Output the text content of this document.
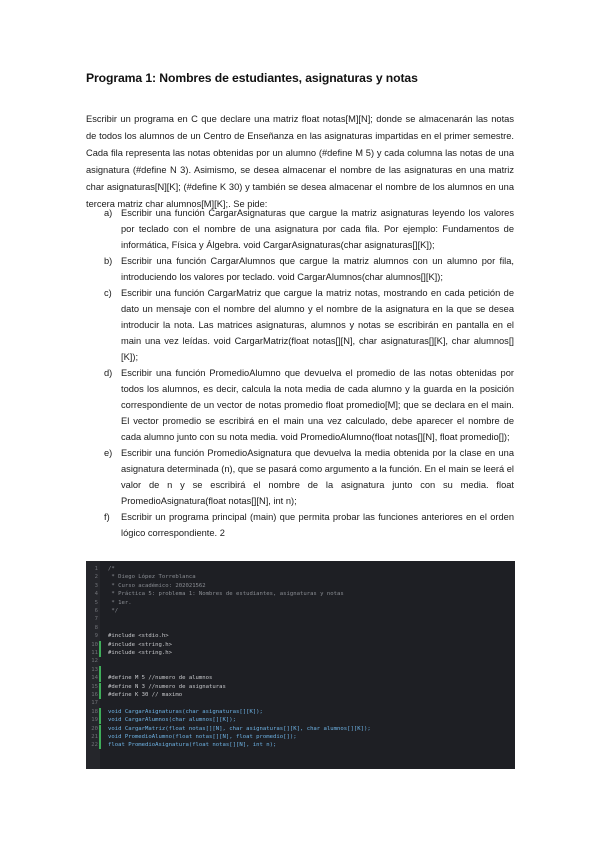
Programa 1: Nombres de estudiantes, asignaturas y notas
Escribir un programa en C que declare una matriz float notas[M][N]; donde se almacenarán las notas de todos los alumnos de un Centro de Enseñanza en las asignaturas impartidas en el primer semestre. Cada fila representa las notas obtenidas por un alumno (#define M 5) y cada columna las notas de una asignatura (#define N 3). Asimismo, se desea almacenar el nombre de las asignaturas en una matriz char asignaturas[N][K]; (#define K 30) y también se desea almacenar el nombre de los alumnos en una tercera matriz char alumnos[M][K];. Se pide:
a) Escribir una función CargarAsignaturas que cargue la matriz asignaturas leyendo los valores por teclado con el nombre de una asignatura por cada fila. Por ejemplo: Fundamentos de informática, Física y Álgebra. void CargarAsignaturas(char asignaturas[][K]);
b) Escribir una función CargarAlumnos que cargue la matriz alumnos con un alumno por fila, introduciendo los valores por teclado. void CargarAlumnos(char alumnos[][K]);
c) Escribir una función CargarMatriz que cargue la matriz notas, mostrando en cada petición de dato un mensaje con el nombre del alumno y el nombre de la asignatura en la que se desea introducir la nota. Las matrices asignaturas, alumnos y notas se escribirán en pantalla en el main una vez leídas. void CargarMatriz(float notas[][N], char asignaturas[][K], char alumnos[][K]);
d) Escribir una función PromedioAlumno que devuelva el promedio de las notas obtenidas por todos los alumnos, es decir, calcula la nota media de cada alumno y la guarda en la posición correspondiente de un vector de notas promedio float promedio[M]; que se declara en el main. El vector promedio se escribirá en el main una vez calculado, debe aparecer el nombre de cada alumno junto con su nota media. void PromedioAlumno(float notas[][N], float promedio[]);
e) Escribir una función PromedioAsignatura que devuelva la media obtenida por la clase en una asignatura determinada (n), que se pasará como argumento a la función. En el main se leerá el valor de n y se escribirá el nombre de la asignatura junto con su media. float PromedioAsignatura(float notas[][N], int n);
f) Escribir un programa principal (main) que permita probar las funciones anteriores en el orden lógico correspondiente. 2
1 /*
2 * Diego López Torreblanca
3 * Curso académico: 202021562
4 * Práctica 5: problema 1: Nombres de estudiantes, asignaturas y notas
5 * 1er.
6 */
7
8
9 #include <stdio.h>
10 #include <string.h>
11 #include <string.h>
12
13
14 #define M 5 //numero de alumnos
15 #define N 3 //numero de asignaturas
16 #define K 30 // maximo
17
18 void CargarAsignaturas(char asignaturas[][K]);
19 void CargarAlumnos(char alumnos[][K]);
20 void CargarMatriz(float notas[][N], char asignaturas[][K], char alumnos[][K]);
21 void PromedioAlumno(float notas[][N], float promedio[]);
22 float PromedioAsignatura(float notas[][N], int n);
